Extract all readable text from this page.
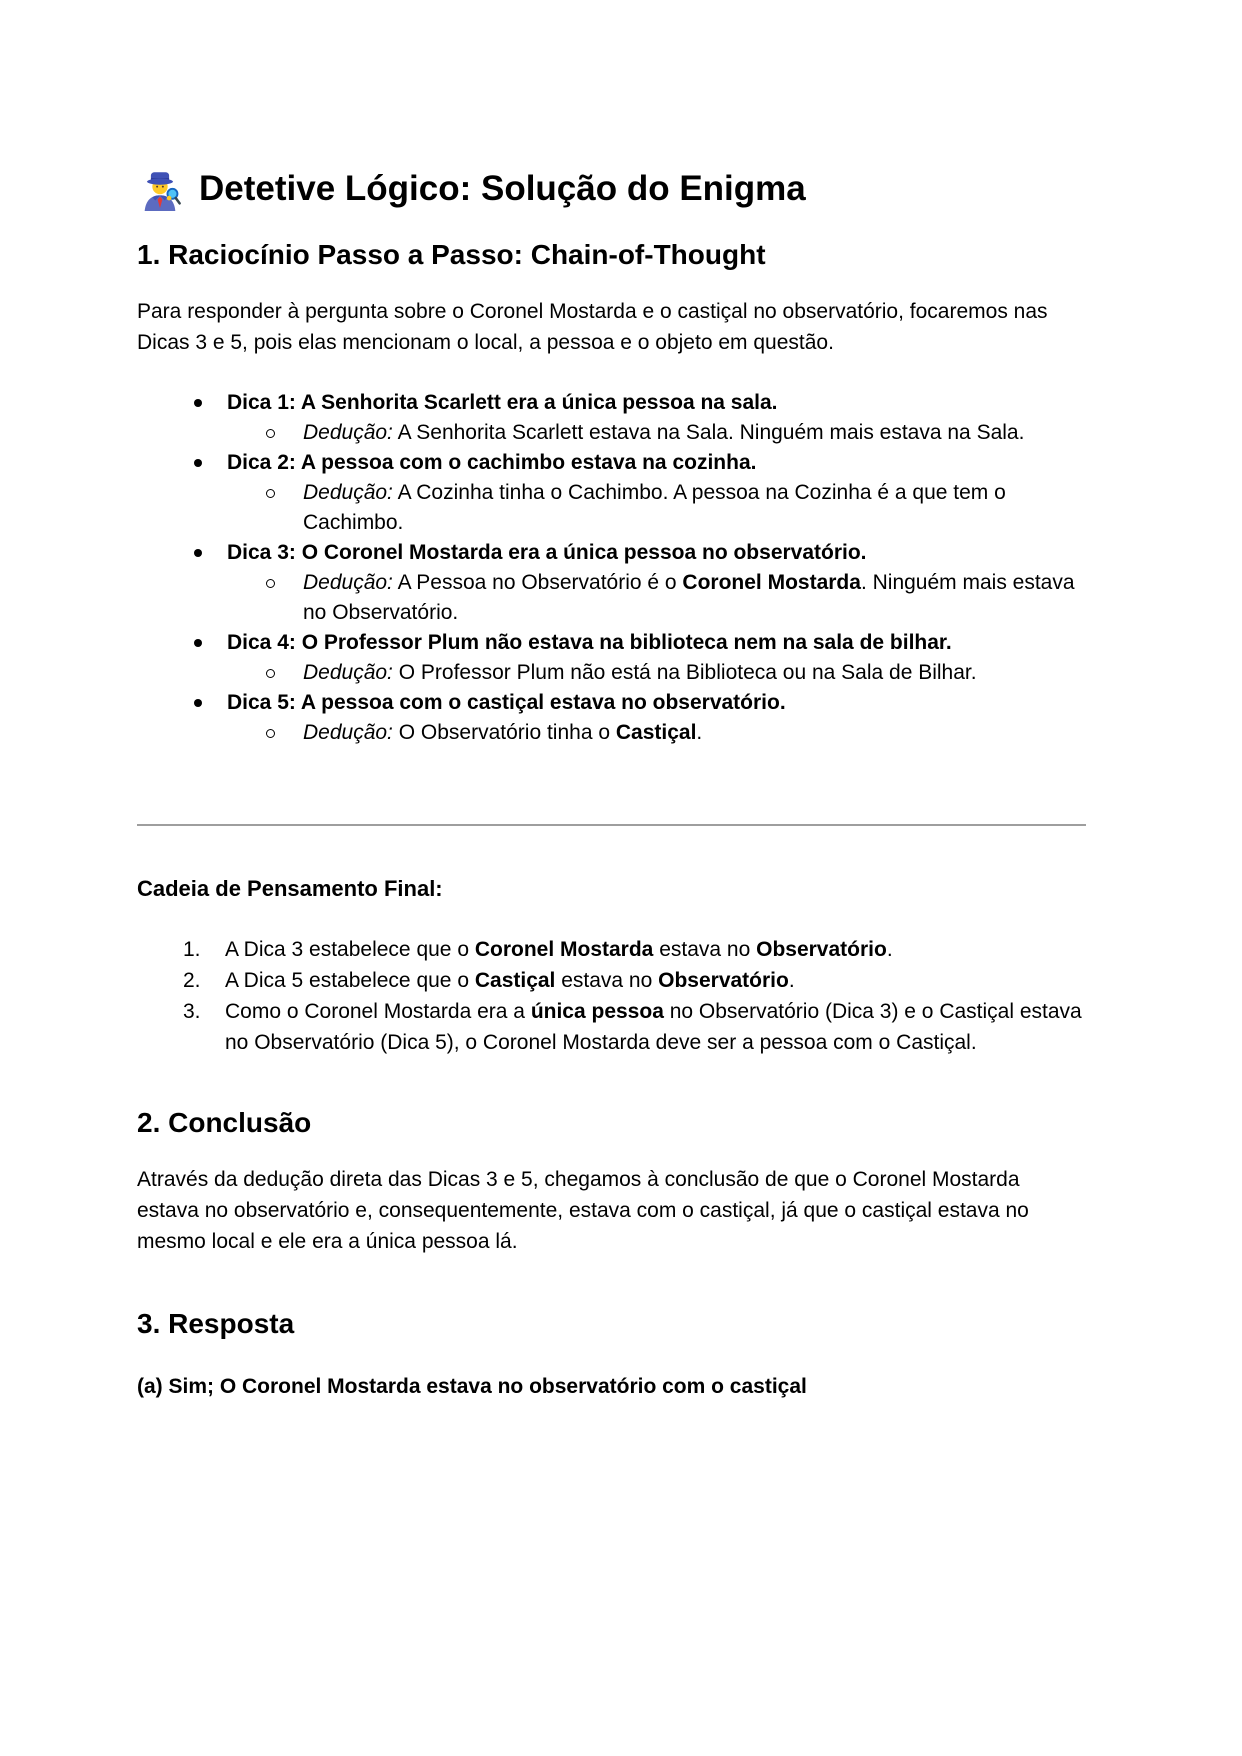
Detetive Lógico: Solução do Enigma
1. Raciocínio Passo a Passo: Chain-of-Thought

Para responder à pergunta sobre o Coronel Mostarda e o castiçal no observatório, focaremos nas Dicas 3 e 5, pois elas mencionam o local, a pessoa e o objeto em questão.

Dica 1: A Senhorita Scarlett era a única pessoa na sala.
Dedução: A Senhorita Scarlett estava na Sala. Ninguém mais estava na Sala.
Dica 2: A pessoa com o cachimbo estava na cozinha.
Dedução: A Cozinha tinha o Cachimbo. A pessoa na Cozinha é a que tem o Cachimbo.
Dica 3: O Coronel Mostarda era a única pessoa no observatório.
Dedução: A Pessoa no Observatório é o Coronel Mostarda. Ninguém mais estava no Observatório.
Dica 4: O Professor Plum não estava na biblioteca nem na sala de bilhar.
Dedução: O Professor Plum não está na Biblioteca ou na Sala de Bilhar.
Dica 5: A pessoa com o castiçal estava no observatório.
Dedução: O Observatório tinha o Castiçal.
Cadeia de Pensamento Final:
1. A Dica 3 estabelece que o Coronel Mostarda estava no Observatório.
2. A Dica 5 estabelece que o Castiçal estava no Observatório.
3. Como o Coronel Mostarda era a única pessoa no Observatório (Dica 3) e o Castiçal estava no Observatório (Dica 5), o Coronel Mostarda deve ser a pessoa com o Castiçal.
2. Conclusão

Através da dedução direta das Dicas 3 e 5, chegamos à conclusão de que o Coronel Mostarda estava no observatório e, consequentemente, estava com o castiçal, já que o castiçal estava no mesmo local e ele era a única pessoa lá.

3. Resposta

(a) Sim; O Coronel Mostarda estava no observatório com o castiçal
